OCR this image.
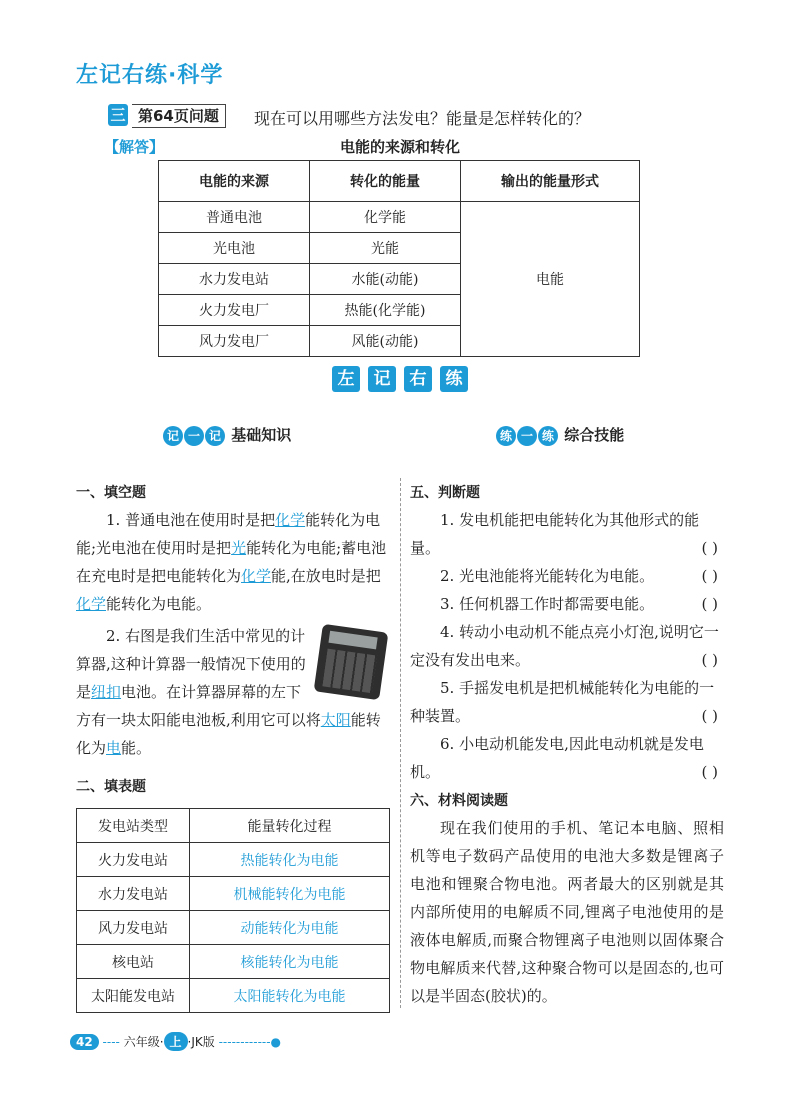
左记右练·科学
三 第64页问题	现在可以用哪些方法发电？能量是怎样转化的？
【解答】	电能的来源和转化
电能的来源	转化的能量	输出的能量形式
普通电池	化学能	电能
光电池	光能	
水力发电站	水能(动能)	
火力发电厂	热能(化学能)	
风力发电厂	风能(动能)	
左 记 右 练
记 一 记 基础知识	练 一 练 综合技能
一、填空题
1. 普通电池在使用时是把化学能转化为电能;光电池在使用时是把光能转化为电能;蓄电池在充电时是把电能转化为化学能,在放电时是把化学能转化为电能。
2. 右图是我们生活中常见的计算器,这种计算器一般情况下使用的是纽扣电池。在计算器屏幕的左下方有一块太阳能电池板,利用它可以将太阳能转化为电能。
二、填表题
发电站类型	能量转化过程
火力发电站	热能转化为电能
水力发电站	机械能转化为电能
风力发电站	动能转化为电能
核电站	核能转化为电能
太阳能发电站	太阳能转化为电能
五、判断题
1. 发电机能把电能转化为其他形式的能量。	( )
2. 光电池能将光能转化为电能。	( )
3. 任何机器工作时都需要电能。	( )
4. 转动小电动机不能点亮小灯泡,说明它一定没有发出电来。	( )
5. 手摇发电机是把机械能转化为电能的一种装置。	( )
6. 小电动机能发电,因此电动机就是发电机。	( )
六、材料阅读题
现在我们使用的手机、笔记本电脑、照相机等电子数码产品使用的电池大多数是锂离子电池和锂聚合物电池。两者最大的区别就是其内部所使用的电解质不同,锂离子电池使用的是液体电解质,而聚合物锂离子电池则以固体聚合物电解质来代替,这种聚合物可以是固态的,也可以是半固态(胶状)的。
42 ---- 六年级· 上 ·JK版 ------------●
